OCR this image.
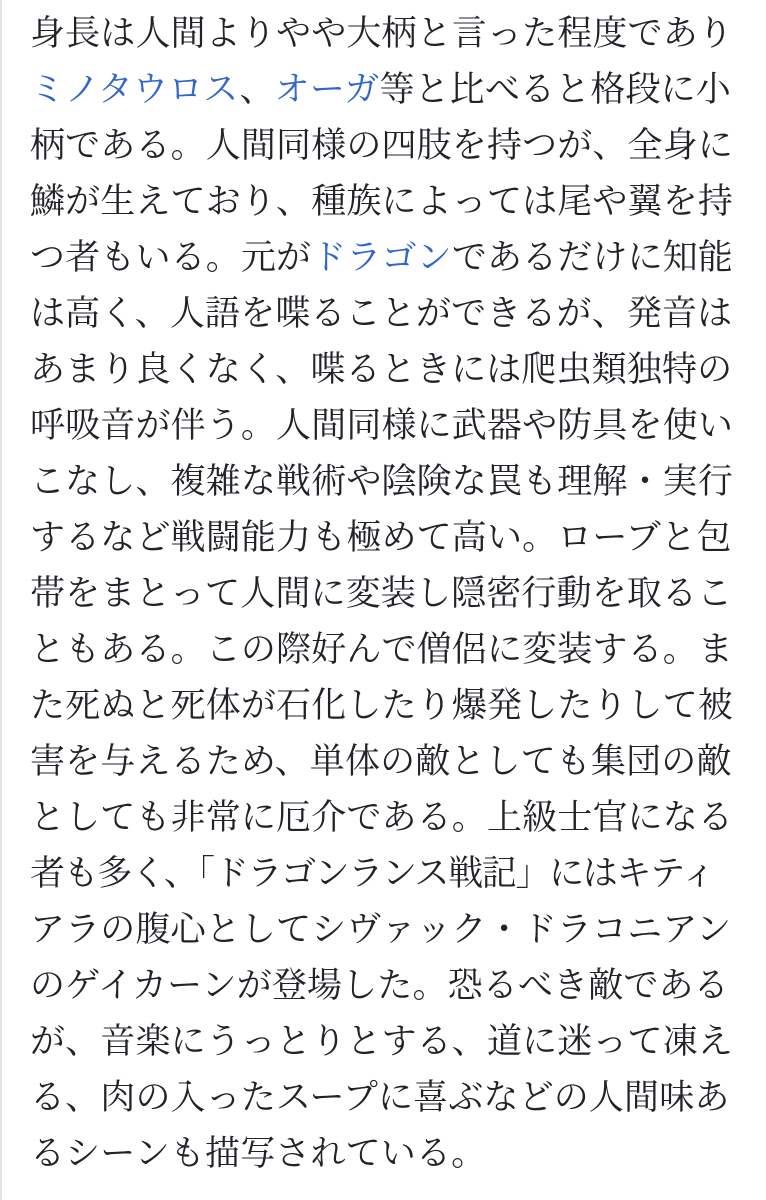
身長は人間よりやや大柄と言った程度であり
ミノタウロス、オーガ等と比べると格段に小
柄である。人間同様の四肢を持つが、全身に
鱗が生えており、種族によっては尾や翼を持
つ者もいる。元がドラゴンであるだけに知能
は高く、人語を喋ることができるが、発音は
あまり良くなく、喋るときには爬虫類独特の
呼吸音が伴う。人間同様に武器や防具を使い
こなし、複雑な戦術や陰険な罠も理解・実行
するなど戦闘能力も極めて高い。ローブと包
帯をまとって人間に変装し隠密行動を取るこ
ともある。この際好んで僧侶に変装する。ま
た死ぬと死体が石化したり爆発したりして被
害を与えるため、単体の敵としても集団の敵
としても非常に厄介である。上級士官になる
者も多く、「ドラゴンランス戦記」にはキティ
アラの腹心としてシヴァック・ドラコニアン
のゲイカーンが登場した。恐るべき敵である
が、音楽にうっとりとする、道に迷って凍え
る、肉の入ったスープに喜ぶなどの人間味あ
るシーンも描写されている。
